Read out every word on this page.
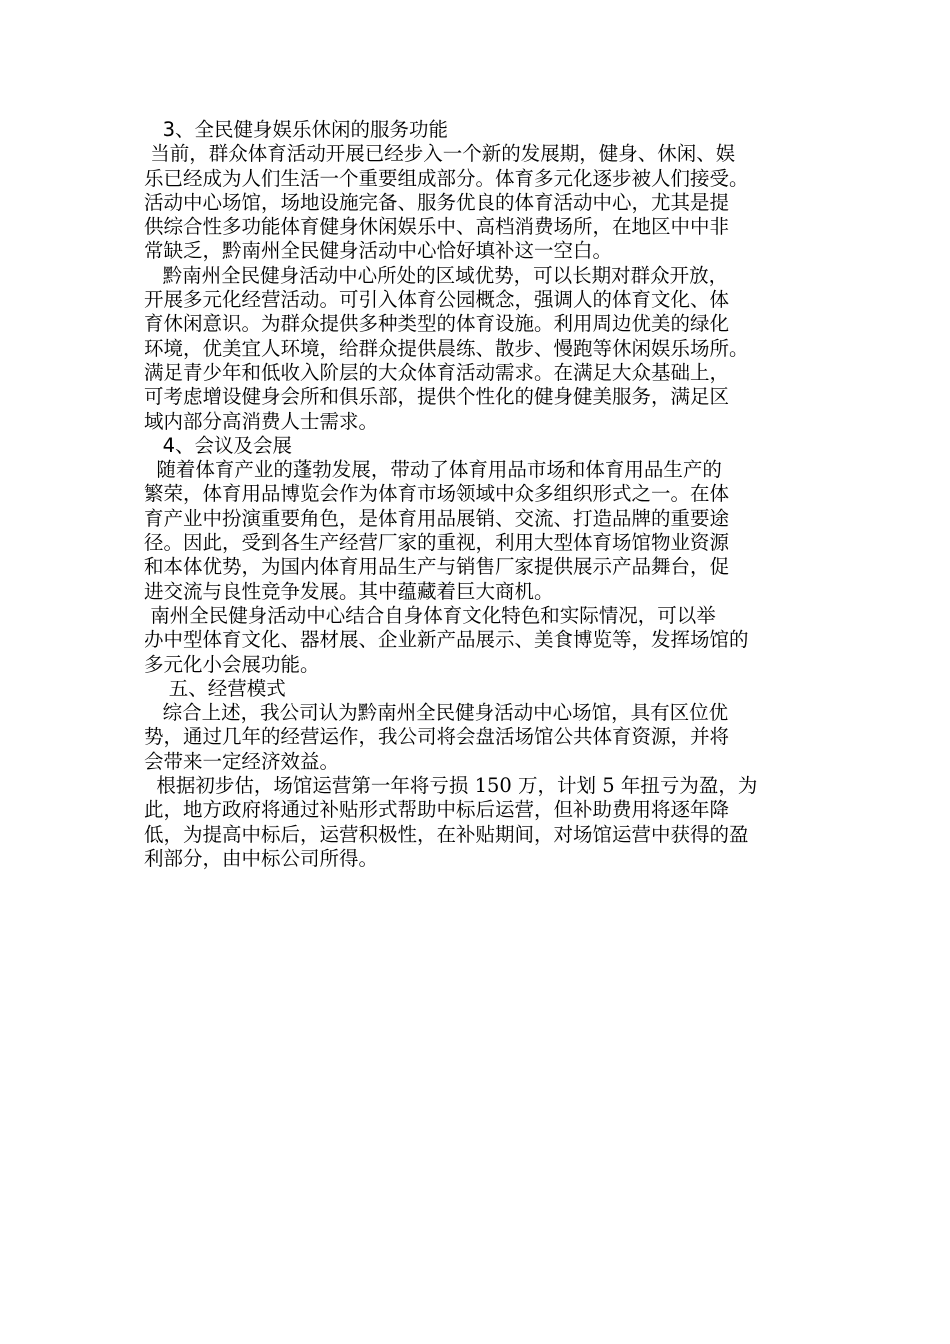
3、全民健身娱乐休闲的服务功能
当前，群众体育活动开展已经步入一个新的发展期，健身、休闲、娱
乐已经成为人们生活一个重要组成部分。体育多元化逐步被人们接受。
活动中心场馆，场地设施完备、服务优良的体育活动中心，尤其是提
供综合性多功能体育健身休闲娱乐中、高档消费场所，在地区中中非
常缺乏，黔南州全民健身活动中心恰好填补这一空白。
黔南州全民健身活动中心所处的区域优势，可以长期对群众开放，
开展多元化经营活动。可引入体育公园概念，强调人的体育文化、体
育休闲意识。为群众提供多种类型的体育设施。利用周边优美的绿化
环境，优美宜人环境，给群众提供晨练、散步、慢跑等休闲娱乐场所。
满足青少年和低收入阶层的大众体育活动需求。在满足大众基础上，
可考虑增设健身会所和俱乐部，提供个性化的健身健美服务，满足区
域内部分高消费人士需求。
4、会议及会展
随着体育产业的蓬勃发展，带动了体育用品市场和体育用品生产的
繁荣，体育用品博览会作为体育市场领域中众多组织形式之一。在体
育产业中扮演重要角色，是体育用品展销、交流、打造品牌的重要途
径。因此，受到各生产经营厂家的重视，利用大型体育场馆物业资源
和本体优势，为国内体育用品生产与销售厂家提供展示产品舞台，促
进交流与良性竞争发展。其中蕴藏着巨大商机。
南州全民健身活动中心结合自身体育文化特色和实际情况，可以举
办中型体育文化、器材展、企业新产品展示、美食博览等，发挥场馆的
多元化小会展功能。
五、经营模式
综合上述，我公司认为黔南州全民健身活动中心场馆，具有区位优
势，通过几年的经营运作，我公司将会盘活场馆公共体育资源，并将
会带来一定经济效益。
根据初步估，场馆运营第一年将亏损 150 万，计划 5 年扭亏为盈，为
此，地方政府将通过补贴形式帮助中标后运营，但补助费用将逐年降
低，为提高中标后，运营积极性，在补贴期间，对场馆运营中获得的盈
利部分，由中标公司所得。
